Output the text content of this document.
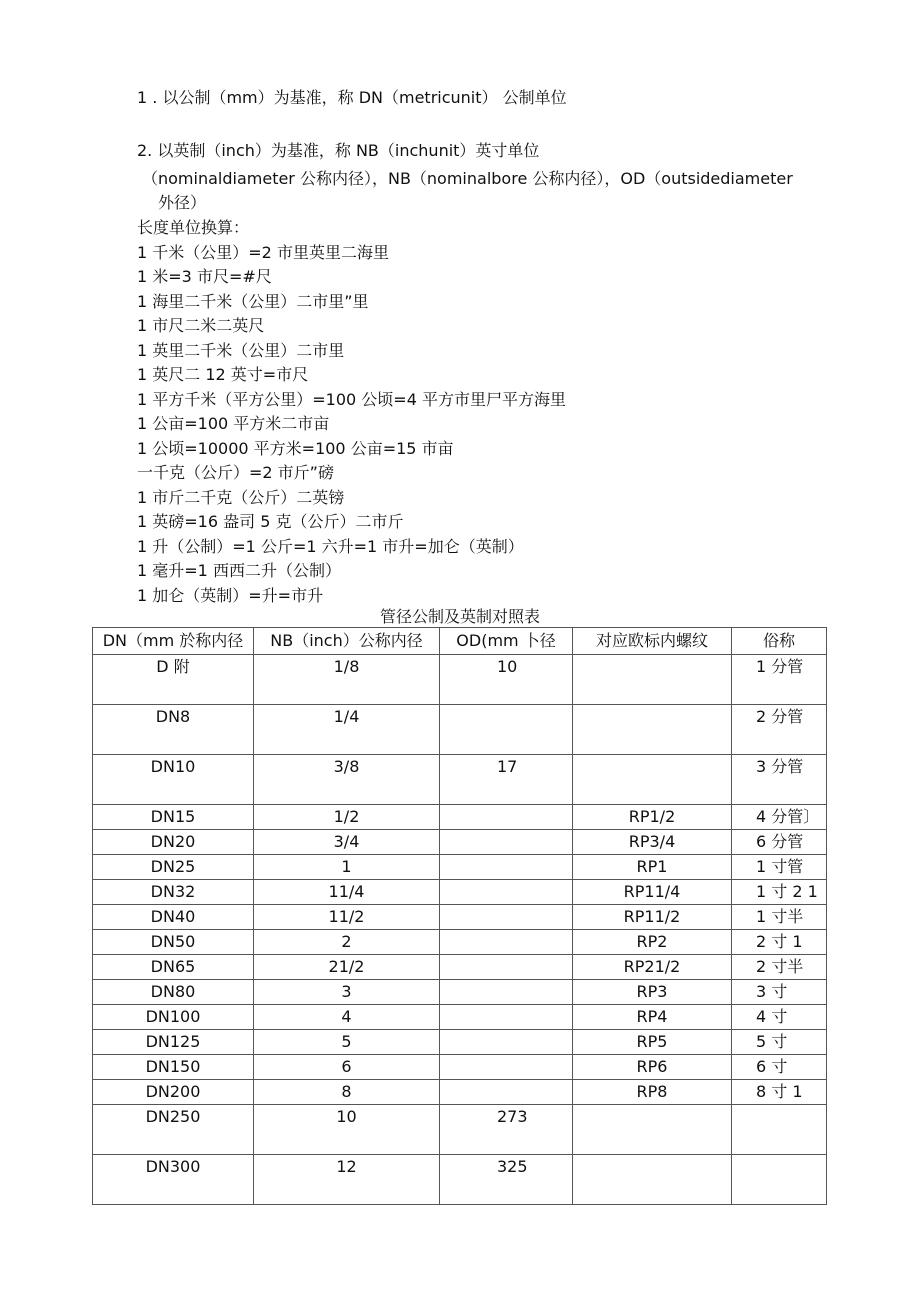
1 . 以公制（mm）为基准，称 DN（metricunit） 公制单位
2. 以英制（inch）为基准，称 NB（inchunit）英寸单位
（nominaldiameter 公称内径），NB（nominalbore 公称内径），OD（outsidediameter
外径）
长度单位换算：
1 千米（公里）=2 市里英里二海里
1 米=3 市尺=#尺
1 海里二千米（公里）二市里”里
1 市尺二米二英尺
1 英里二千米（公里）二市里
1 英尺二 12 英寸=市尺
1 平方千米（平方公里）=100 公顷=4 平方市里尸平方海里
1 公亩=100 平方米二市亩
1 公顷=10000 平方米=100 公亩=15 市亩
一千克（公斤）=2 市斤”磅
1 市斤二千克（公斤）二英镑
1 英磅=16 盎司 5 克（公斤）二市斤
1 升（公制）=1 公斤=1 六升=1 市升=加仑（英制）
1 毫升=1 西西二升（公制）
1 加仑（英制）=升=市升
管径公制及英制对照表
DN（mm 於称内径	NB（inch）公称内径	OD(mm 卜径	对应欧标内螺纹	俗称
D 附	1/8	10		1 分管
DN8	1/4			2 分管
DN10	3/8	17		3 分管
DN15	1/2		RP1/2	4 分管〕
DN20	3/4		RP3/4	6 分管
DN25	1		RP1	1 寸管
DN32	11/4		RP11/4	1 寸 2 1
DN40	11/2		RP11/2	1 寸半
DN50	2		RP2	2 寸 1
DN65	21/2		RP21/2	2 寸半
DN80	3		RP3	3 寸
DN100	4		RP4	4 寸
DN125	5		RP5	5 寸
DN150	6		RP6	6 寸
DN200	8		RP8	8 寸 1
DN250	10	273		
DN300	12	325		
